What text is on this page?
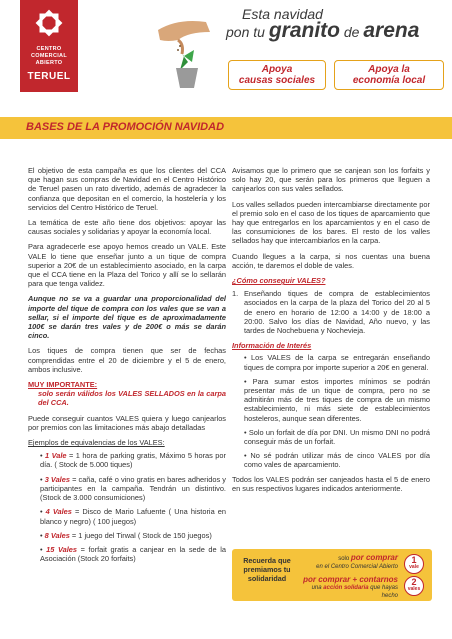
CENTRO
COMERCIAL
ABIERTO
TERUEL
Esta navidad
pon tu granito de arena
Apoya
causas sociales
Apoya la
economía local
BASES DE LA PROMOCIÓN NAVIDAD

El objetivo de esta campaña es que los clientes del CCA que hagan sus compras de Navidad en el Centro Histórico de Teruel pasen un rato divertido, además de agradecer la confianza que depositan en el comercio, la hostelería y los servicios del Centro Histórico de Teruel.

La temática de este año tiene dos objetivos: apoyar las causas sociales y solidarias y apoyar la economía local.

Para agradecerle ese apoyo hemos creado un VALE. Este VALE lo tiene que enseñar junto a un tique de compra superior a 20€ de un establecimiento asociado, en la carpa que el CCA tiene en la Plaza del Torico y allí se lo sellarán para que tenga validez.

Aunque no se va a guardar una proporcionalidad del importe del tique de compra con los vales que se van a sellar, si el importe del tique es de aproximadamente 100€ se darán tres vales y de 200€ o más se darán cinco.

Los tiques de compra tienen que ser de fechas comprendidas entre el 20 de diciembre y el 5 de enero, ambos inclusive.

MUY IMPORTANTE:

solo serán válidos los VALES SELLADOS en la carpa del CCA.

Puede conseguir cuantos VALES quiera y luego canjearlos por premios con las limitaciones más abajo detalladas

Ejemplos de equivalencias de los VALES:

• 1 Vale = 1 hora de parking gratis, Máximo 5 horas por día. ( Stock de 5.000 tiques)
• 3 Vales = caña, café o vino gratis en bares adheridos y participantes en la campaña. Tendrán un distintivo. (Stock de 3.000 consumiciones)
• 4 Vales = Disco de Mario Lafuente ( Una historia en blanco y negro) ( 100 juegos)
• 8 Vales = 1 juego del Tirwal ( Stock de 150 juegos)
• 15 Vales = forfait gratis a canjear en la sede de la Asociación (Stock 20 forfaits)

Avisamos que lo primero que se canjean son los forfaits y solo hay 20, que serán para los primeros que lleguen a canjearlos con sus vales sellados.

Los valles sellados pueden intercambiarse directamente por el premio solo en el caso de los tiques de aparcamiento que hay que entregarlos en los aparcamientos y en el caso de las consumiciones de los bares. El resto de los valles sellados hay que intercambiarlos en la carpa.

Cuando llegues a la carpa, si nos cuentas una buena acción, te daremos el doble de vales.

¿Cómo conseguir VALES?

1. Enseñando tiques de compra de establecimientos asociados en la carpa de la plaza del Torico del 20 al 5 de enero en horario de 12:00 a 14:00 y de 18:00 a 20:00. Salvo los días de Navidad, Año nuevo, y las tardes de Nochebuena y Nochevieja.

Información de Interés

• Los VALES de la carpa se entregarán enseñando tiques de compra por importe superior a 20€ en general.
• Para sumar estos importes mínimos se podrán presentar más de un tique de compra, pero no se admitirán más de tres tiques de compra de un mismo establecimiento, ni más siete de establecimientos hosteleros, aunque sean diferentes.
• Solo un forfait de día por DNI. Un mismo DNI no podrá conseguir más de un forfait.
• No sé podrán utilizar más de cinco VALES por día como vales de aparcamiento.

Todos los VALES podrán ser canjeados hasta el 5 de enero en sus respectivos lugares indicados anteriormente.

Recuerda que premiamos tu solidaridad
solo por comprar
en el Centro Comercial Abierto
por comprar + contarnos
una acción solidaria que hayas hecho
1
vale
2
vales
